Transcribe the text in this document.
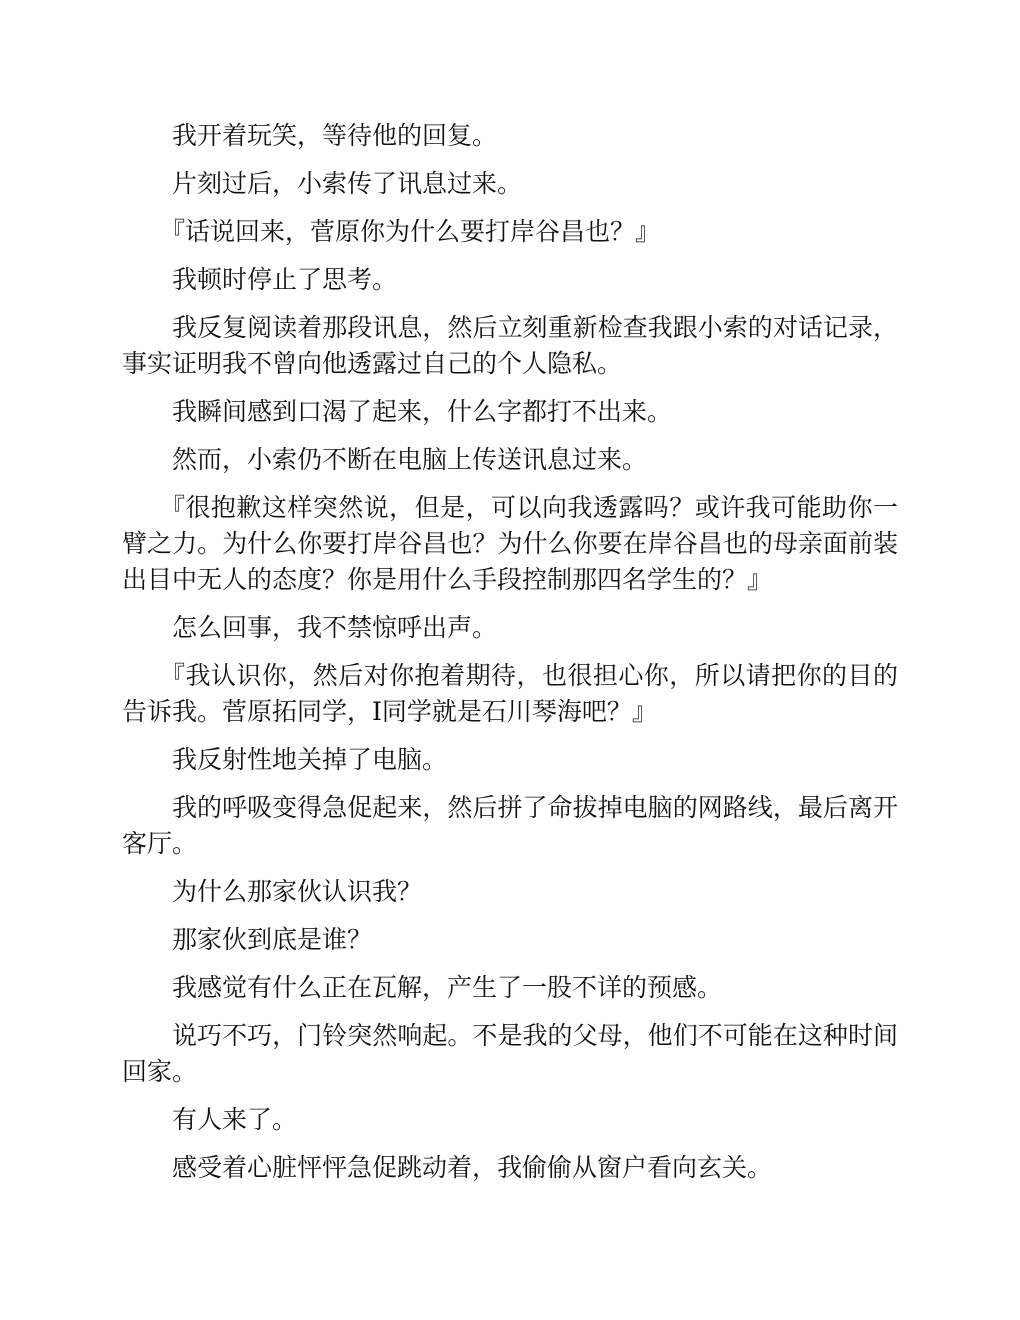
我开着玩笑，等待他的回复。

片刻过后，小索传了讯息过来。

『话说回来，菅原你为什么要打岸谷昌也？』

我顿时停止了思考。

我反复阅读着那段讯息，然后立刻重新检查我跟小索的对话记录，事实证明我不曾向他透露过自己的个人隐私。

我瞬间感到口渴了起来，什么字都打不出来。

然而，小索仍不断在电脑上传送讯息过来。

『很抱歉这样突然说，但是，可以向我透露吗？或许我可能助你一臂之力。为什么你要打岸谷昌也？为什么你要在岸谷昌也的母亲面前装出目中无人的态度？你是用什么手段控制那四名学生的？』

怎么回事，我不禁惊呼出声。

『我认识你，然后对你抱着期待，也很担心你，所以请把你的目的告诉我。菅原拓同学，I同学就是石川琴海吧？』

我反射性地关掉了电脑。

我的呼吸变得急促起来，然后拼了命拔掉电脑的网路线，最后离开客厅。

为什么那家伙认识我？

那家伙到底是谁？

我感觉有什么正在瓦解，产生了一股不详的预感。

说巧不巧，门铃突然响起。不是我的父母，他们不可能在这种时间回家。

有人来了。

感受着心脏怦怦急促跳动着，我偷偷从窗户看向玄关。
